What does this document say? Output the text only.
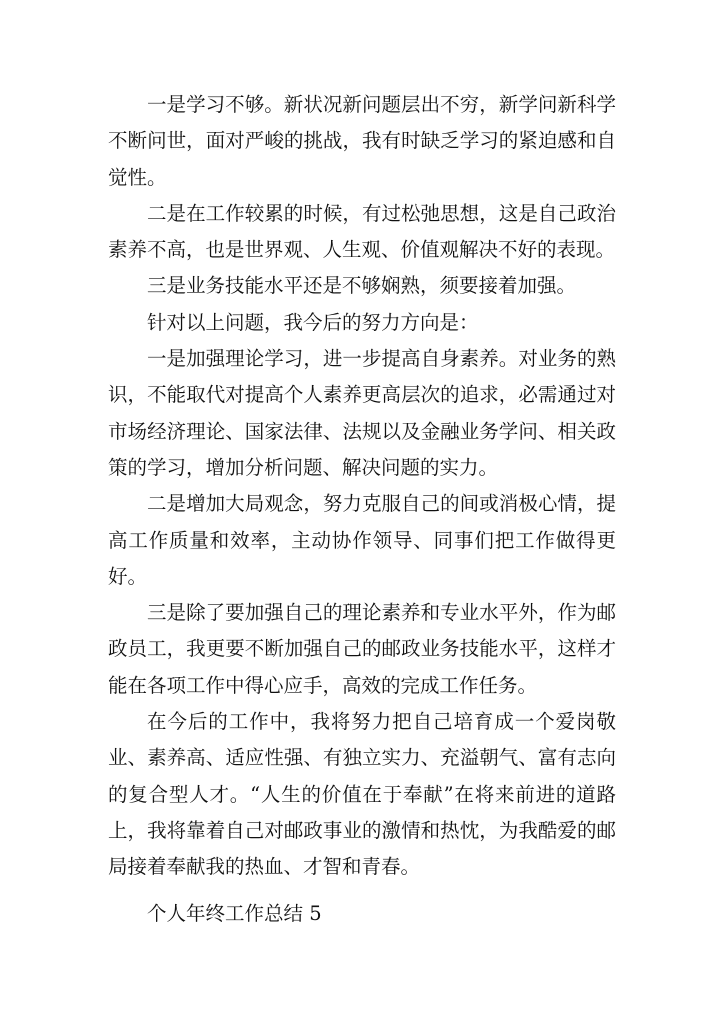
一是学习不够。新状况新问题层出不穷，新学问新科学不断问世，面对严峻的挑战，我有时缺乏学习的紧迫感和自觉性。

二是在工作较累的时候，有过松弛思想，这是自己政治素养不高，也是世界观、人生观、价值观解决不好的表现。

三是业务技能水平还是不够娴熟，须要接着加强。

针对以上问题，我今后的努力方向是：

一是加强理论学习，进一步提高自身素养。对业务的熟识，不能取代对提高个人素养更高层次的追求，必需通过对市场经济理论、国家法律、法规以及金融业务学问、相关政策的学习，增加分析问题、解决问题的实力。

二是增加大局观念，努力克服自己的间或消极心情，提高工作质量和效率，主动协作领导、同事们把工作做得更好。

三是除了要加强自己的理论素养和专业水平外，作为邮政员工，我更要不断加强自己的邮政业务技能水平，这样才能在各项工作中得心应手，高效的完成工作任务。

在今后的工作中，我将努力把自己培育成一个爱岗敬业、素养高、适应性强、有独立实力、充溢朝气、富有志向的复合型人才。“人生的价值在于奉献”在将来前进的道路上，我将靠着自己对邮政事业的激情和热忱，为我酷爱的邮局接着奉献我的热血、才智和青春。

个人年终工作总结 5
